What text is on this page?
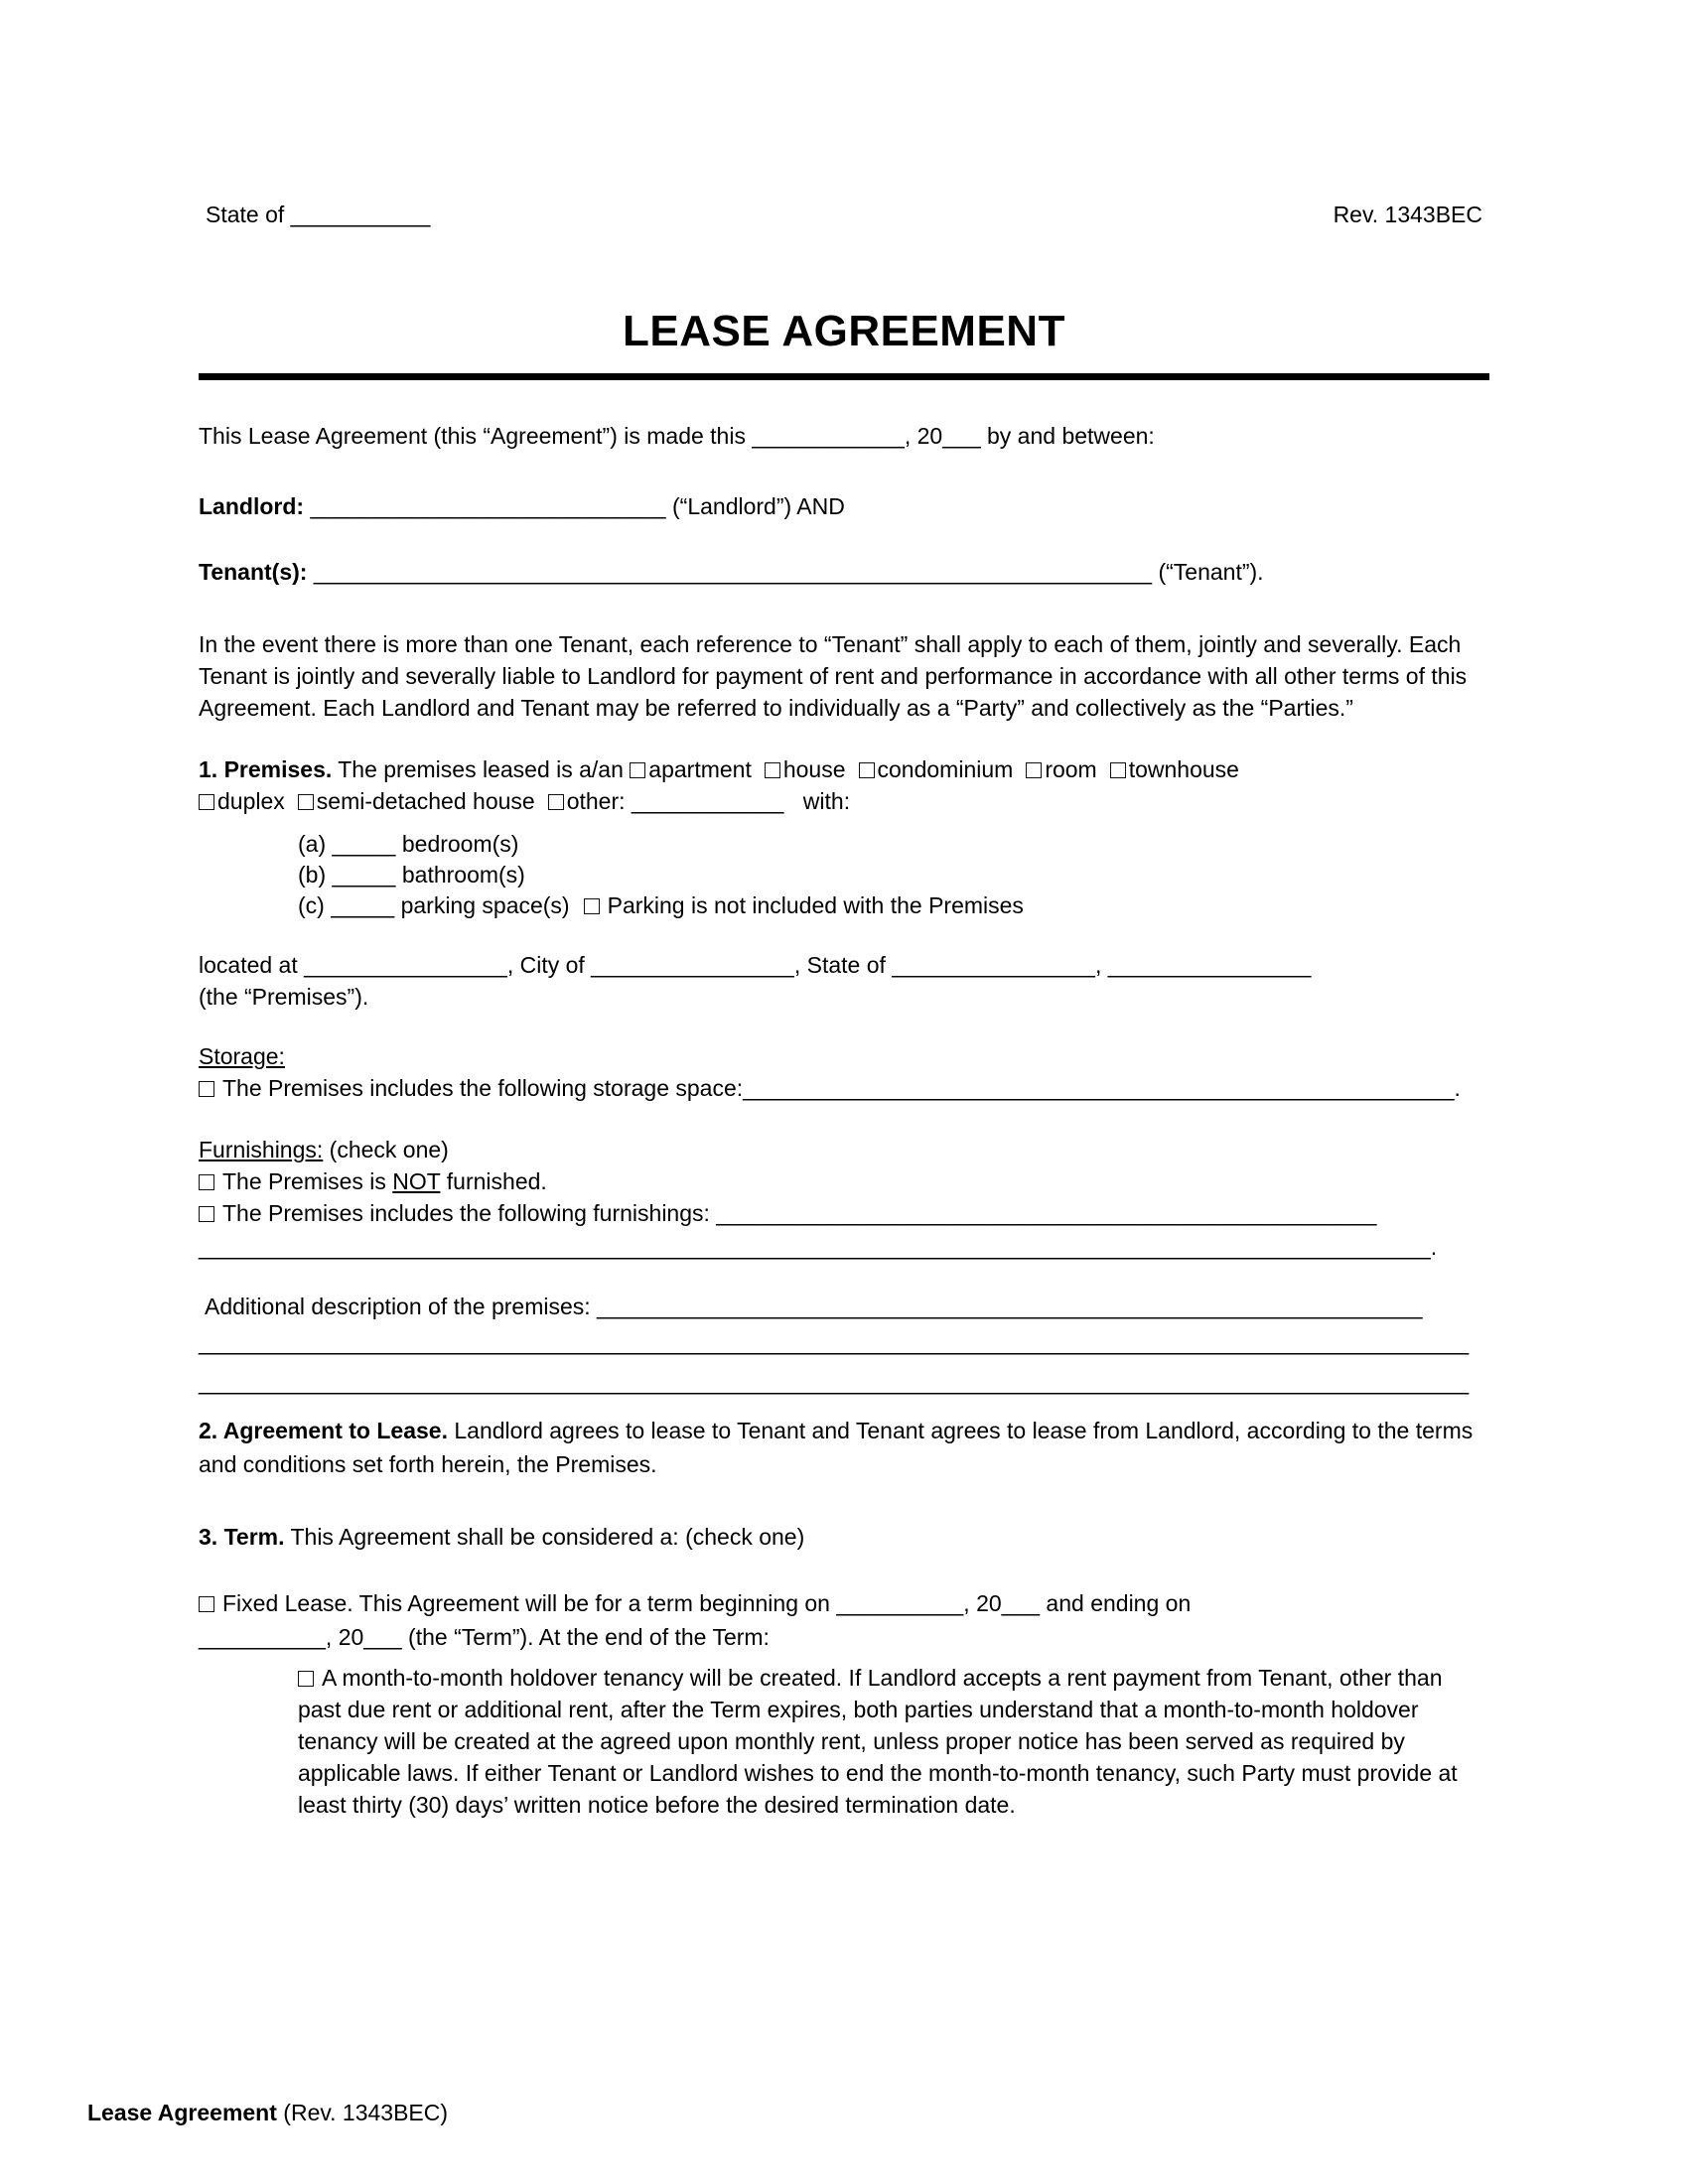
State of ___________	Rev. 1343BEC
LEASE AGREEMENT
This Lease Agreement (this “Agreement”) is made this ____________, 20___ by and between:
Landlord: ____________________________ (“Landlord”) AND
Tenant(s): __________________________________________________________________ (“Tenant”).
In the event there is more than one Tenant, each reference to “Tenant” shall apply to each of them, jointly and severally. Each Tenant is jointly and severally liable to Landlord for payment of rent and performance in accordance with all other terms of this Agreement. Each Landlord and Tenant may be referred to individually as a “Party” and collectively as the “Parties.”
1. Premises. The premises leased is a/an apartment house condominium room townhouse
duplex semi-detached house other: ____________ with:
(a) _____ bedroom(s)
(b) _____ bathroom(s)
(c) _____ parking space(s) Parking is not included with the Premises
located at ________________, City of ________________, State of ________________, ________________
(the “Premises”).
Storage:
The Premises includes the following storage space:________________________________________________________.
Furnishings: (check one)
The Premises is NOT furnished.
The Premises includes the following furnishings: ____________________________________________________
_________________________________________________________________________________________________.
Additional description of the premises: _________________________________________________________________
____________________________________________________________________________________________________
____________________________________________________________________________________________________
2. Agreement to Lease. Landlord agrees to lease to Tenant and Tenant agrees to lease from Landlord, according to the terms and conditions set forth herein, the Premises.
3. Term. This Agreement shall be considered a: (check one)
Fixed Lease. This Agreement will be for a term beginning on __________, 20___ and ending on
__________, 20___ (the “Term”). At the end of the Term:
A month-to-month holdover tenancy will be created. If Landlord accepts a rent payment from Tenant, other than past due rent or additional rent, after the Term expires, both parties understand that a month-to-month holdover tenancy will be created at the agreed upon monthly rent, unless proper notice has been served as required by applicable laws. If either Tenant or Landlord wishes to end the month-to-month tenancy, such Party must provide at least thirty (30) days’ written notice before the desired termination date.
Lease Agreement (Rev. 1343BEC)
